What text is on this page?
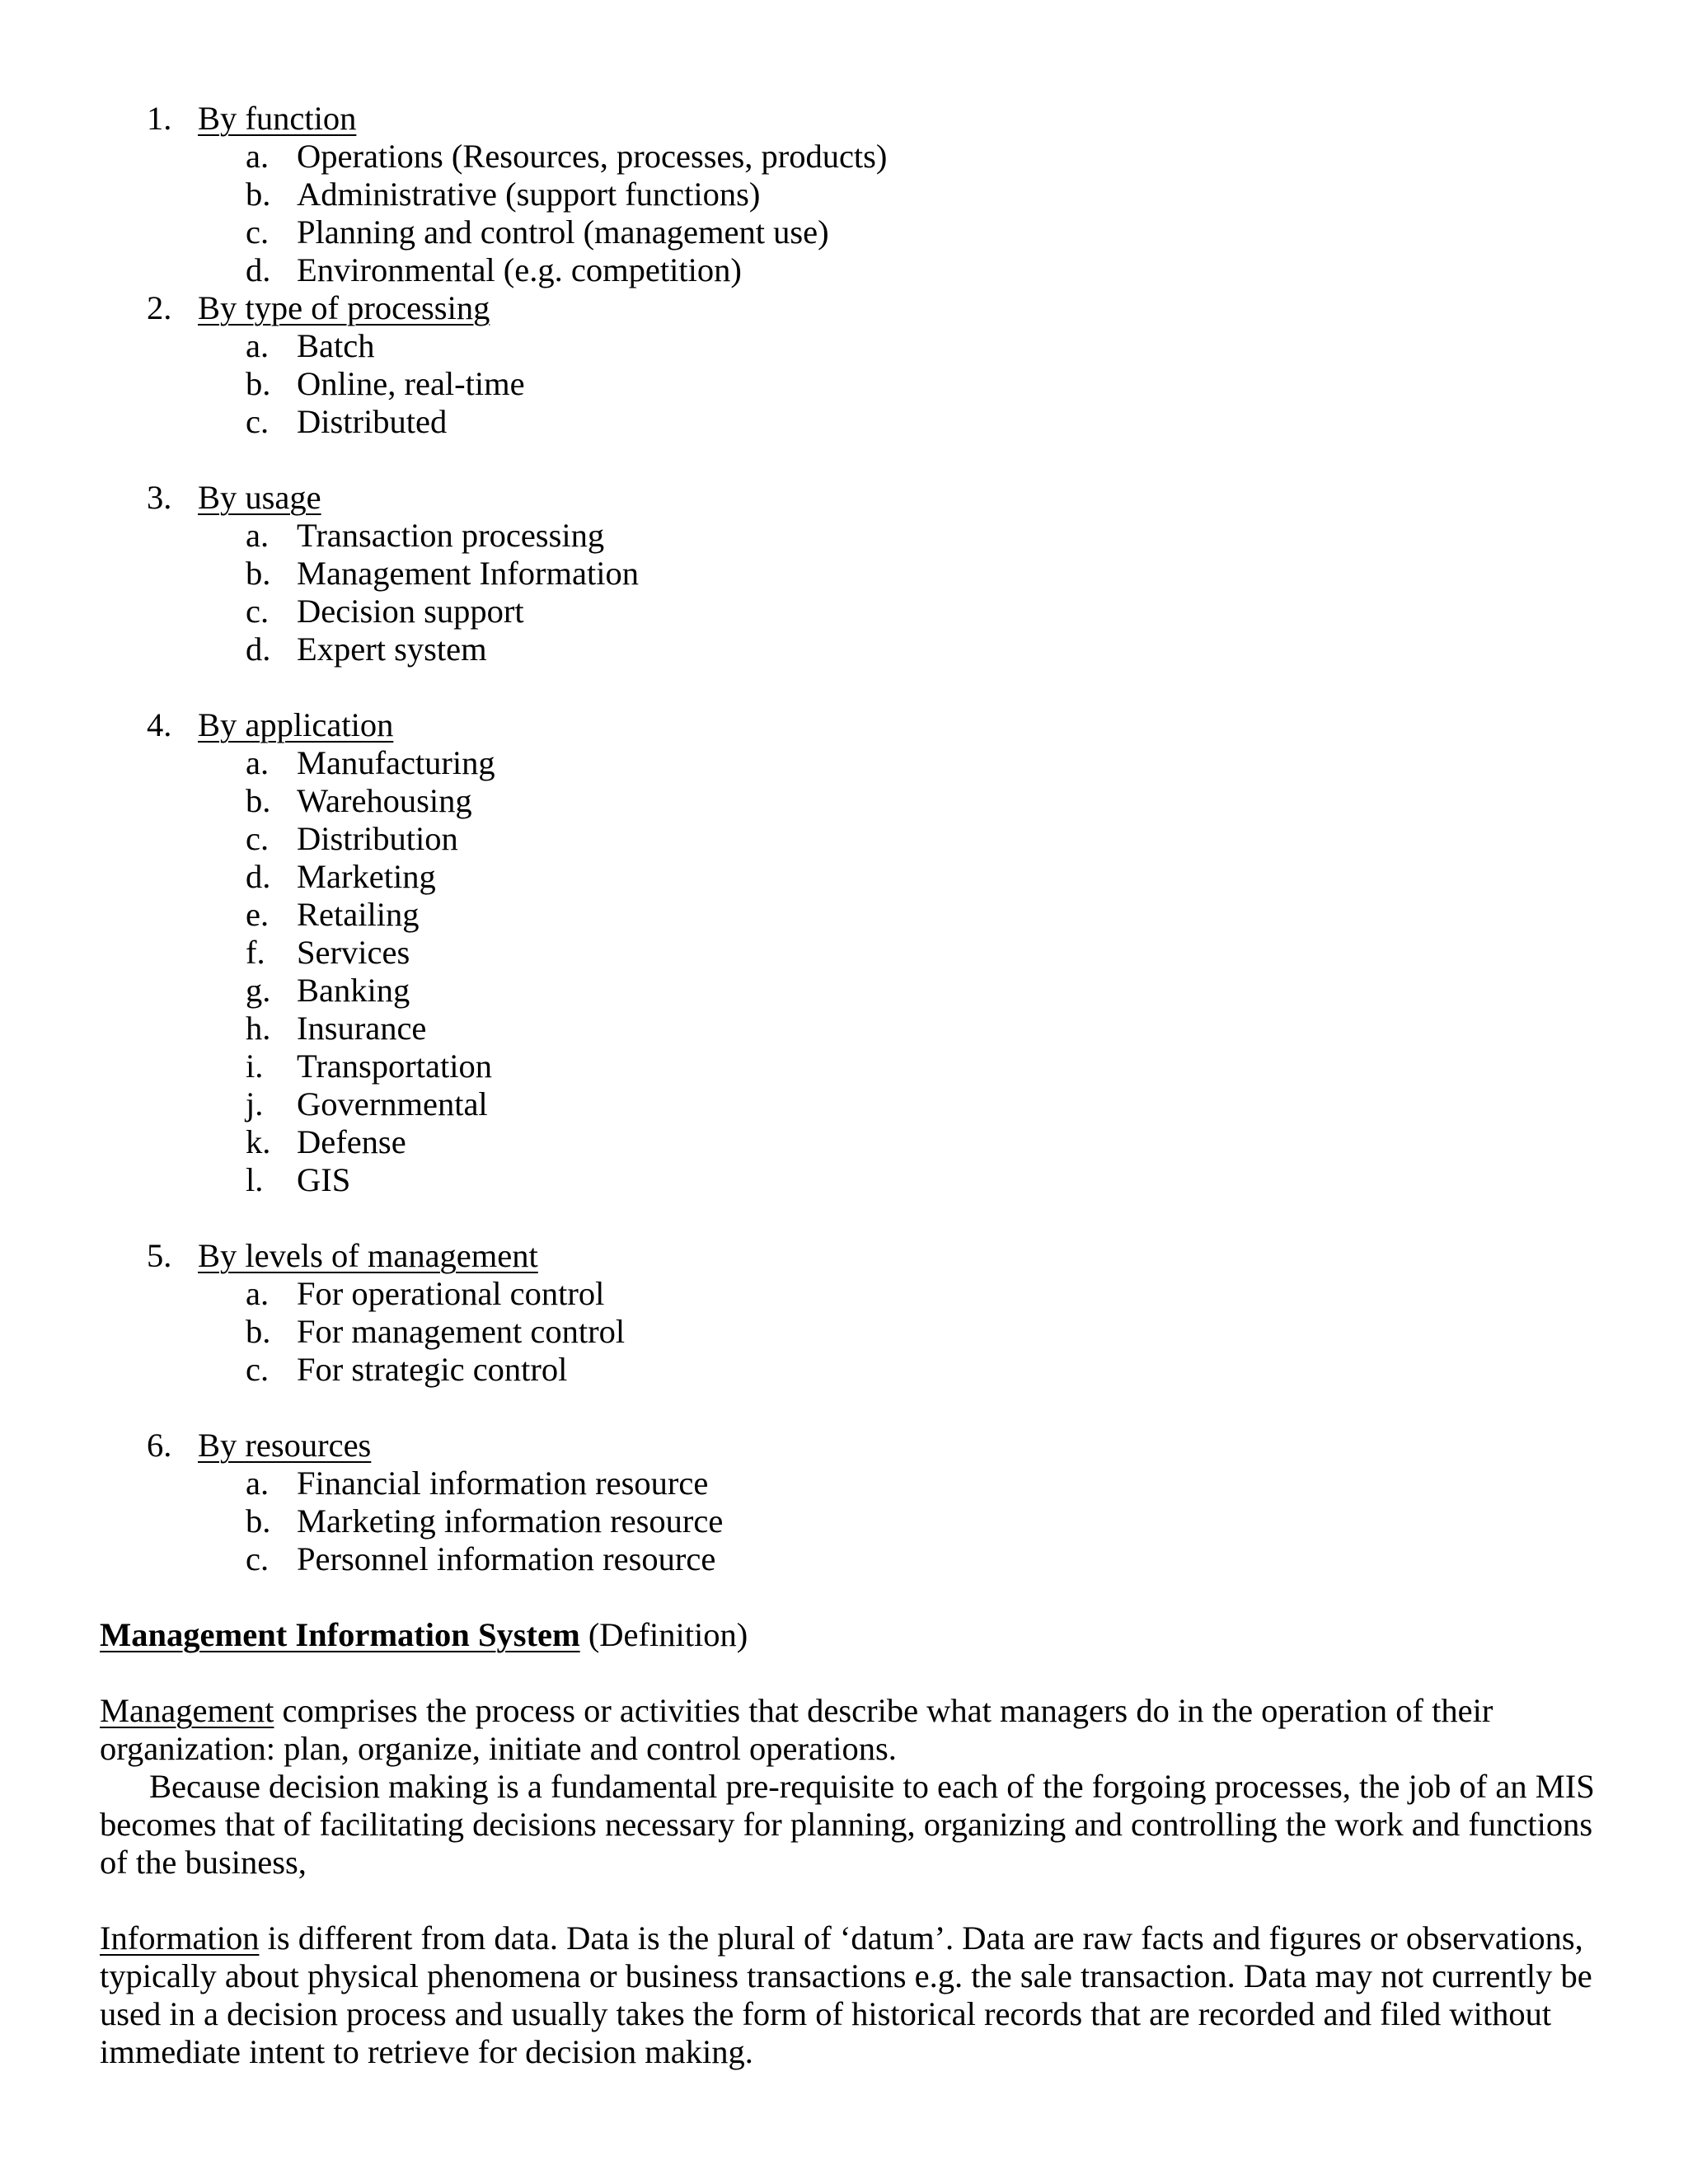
1. By function
a. Operations (Resources, processes, products)
b. Administrative (support functions)
c. Planning and control (management use)
d. Environmental (e.g. competition)
2. By type of processing
a. Batch
b. Online, real-time
c. Distributed
3. By usage
a. Transaction processing
b. Management Information
c. Decision support
d. Expert system
4. By application
a. Manufacturing
b. Warehousing
c. Distribution
d. Marketing
e. Retailing
f. Services
g. Banking
h. Insurance
i. Transportation
j. Governmental
k. Defense
l. GIS
5. By levels of management
a. For operational control
b. For management control
c. For strategic control
6. By resources
a. Financial information resource
b. Marketing information resource
c. Personnel information resource
Management Information System (Definition)
Management comprises the process or activities that describe what managers do in the operation of their
organization: plan, organize, initiate and control operations.
Because decision making is a fundamental pre-requisite to each of the forgoing processes, the job of an MIS
becomes that of facilitating decisions necessary for planning, organizing and controlling the work and functions
of the business,
Information is different from data. Data is the plural of ‘datum’. Data are raw facts and figures or observations,
typically about physical phenomena or business transactions e.g. the sale transaction. Data may not currently be
used in a decision process and usually takes the form of historical records that are recorded and filed without
immediate intent to retrieve for decision making.
